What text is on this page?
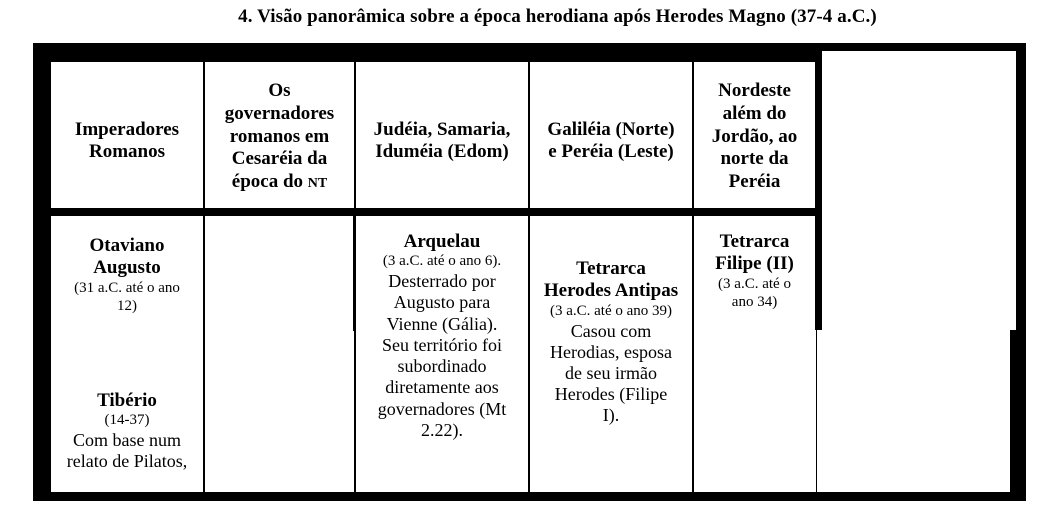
4. Visão panorâmica sobre a época herodiana após Herodes Magno (37-4 a.C.)
Imperadores
Romanos
Os
governadores
romanos em
Cesaréia da
época do NT
Judéia, Samaria,
Iduméia (Edom)
Galiléia (Norte)
e Peréia (Leste)
Nordeste
além do
Jordão, ao
norte da
Peréia
Otaviano
Augusto
(31 a.C. até o ano
12)
Tibério
(14-37)
Com base num
relato de Pilatos,
Arquelau
(3 a.C. até o ano 6).
Desterrado por
Augusto para
Vienne (Gália).
Seu território foi
subordinado
diretamente aos
governadores (Mt
2.22).
Tetrarca
Herodes Antipas
(3 a.C. até o ano 39)
Casou com
Herodias, esposa
de seu irmão
Herodes (Filipe
I).
Tetrarca
Filipe (II)
(3 a.C. até o
ano 34)
